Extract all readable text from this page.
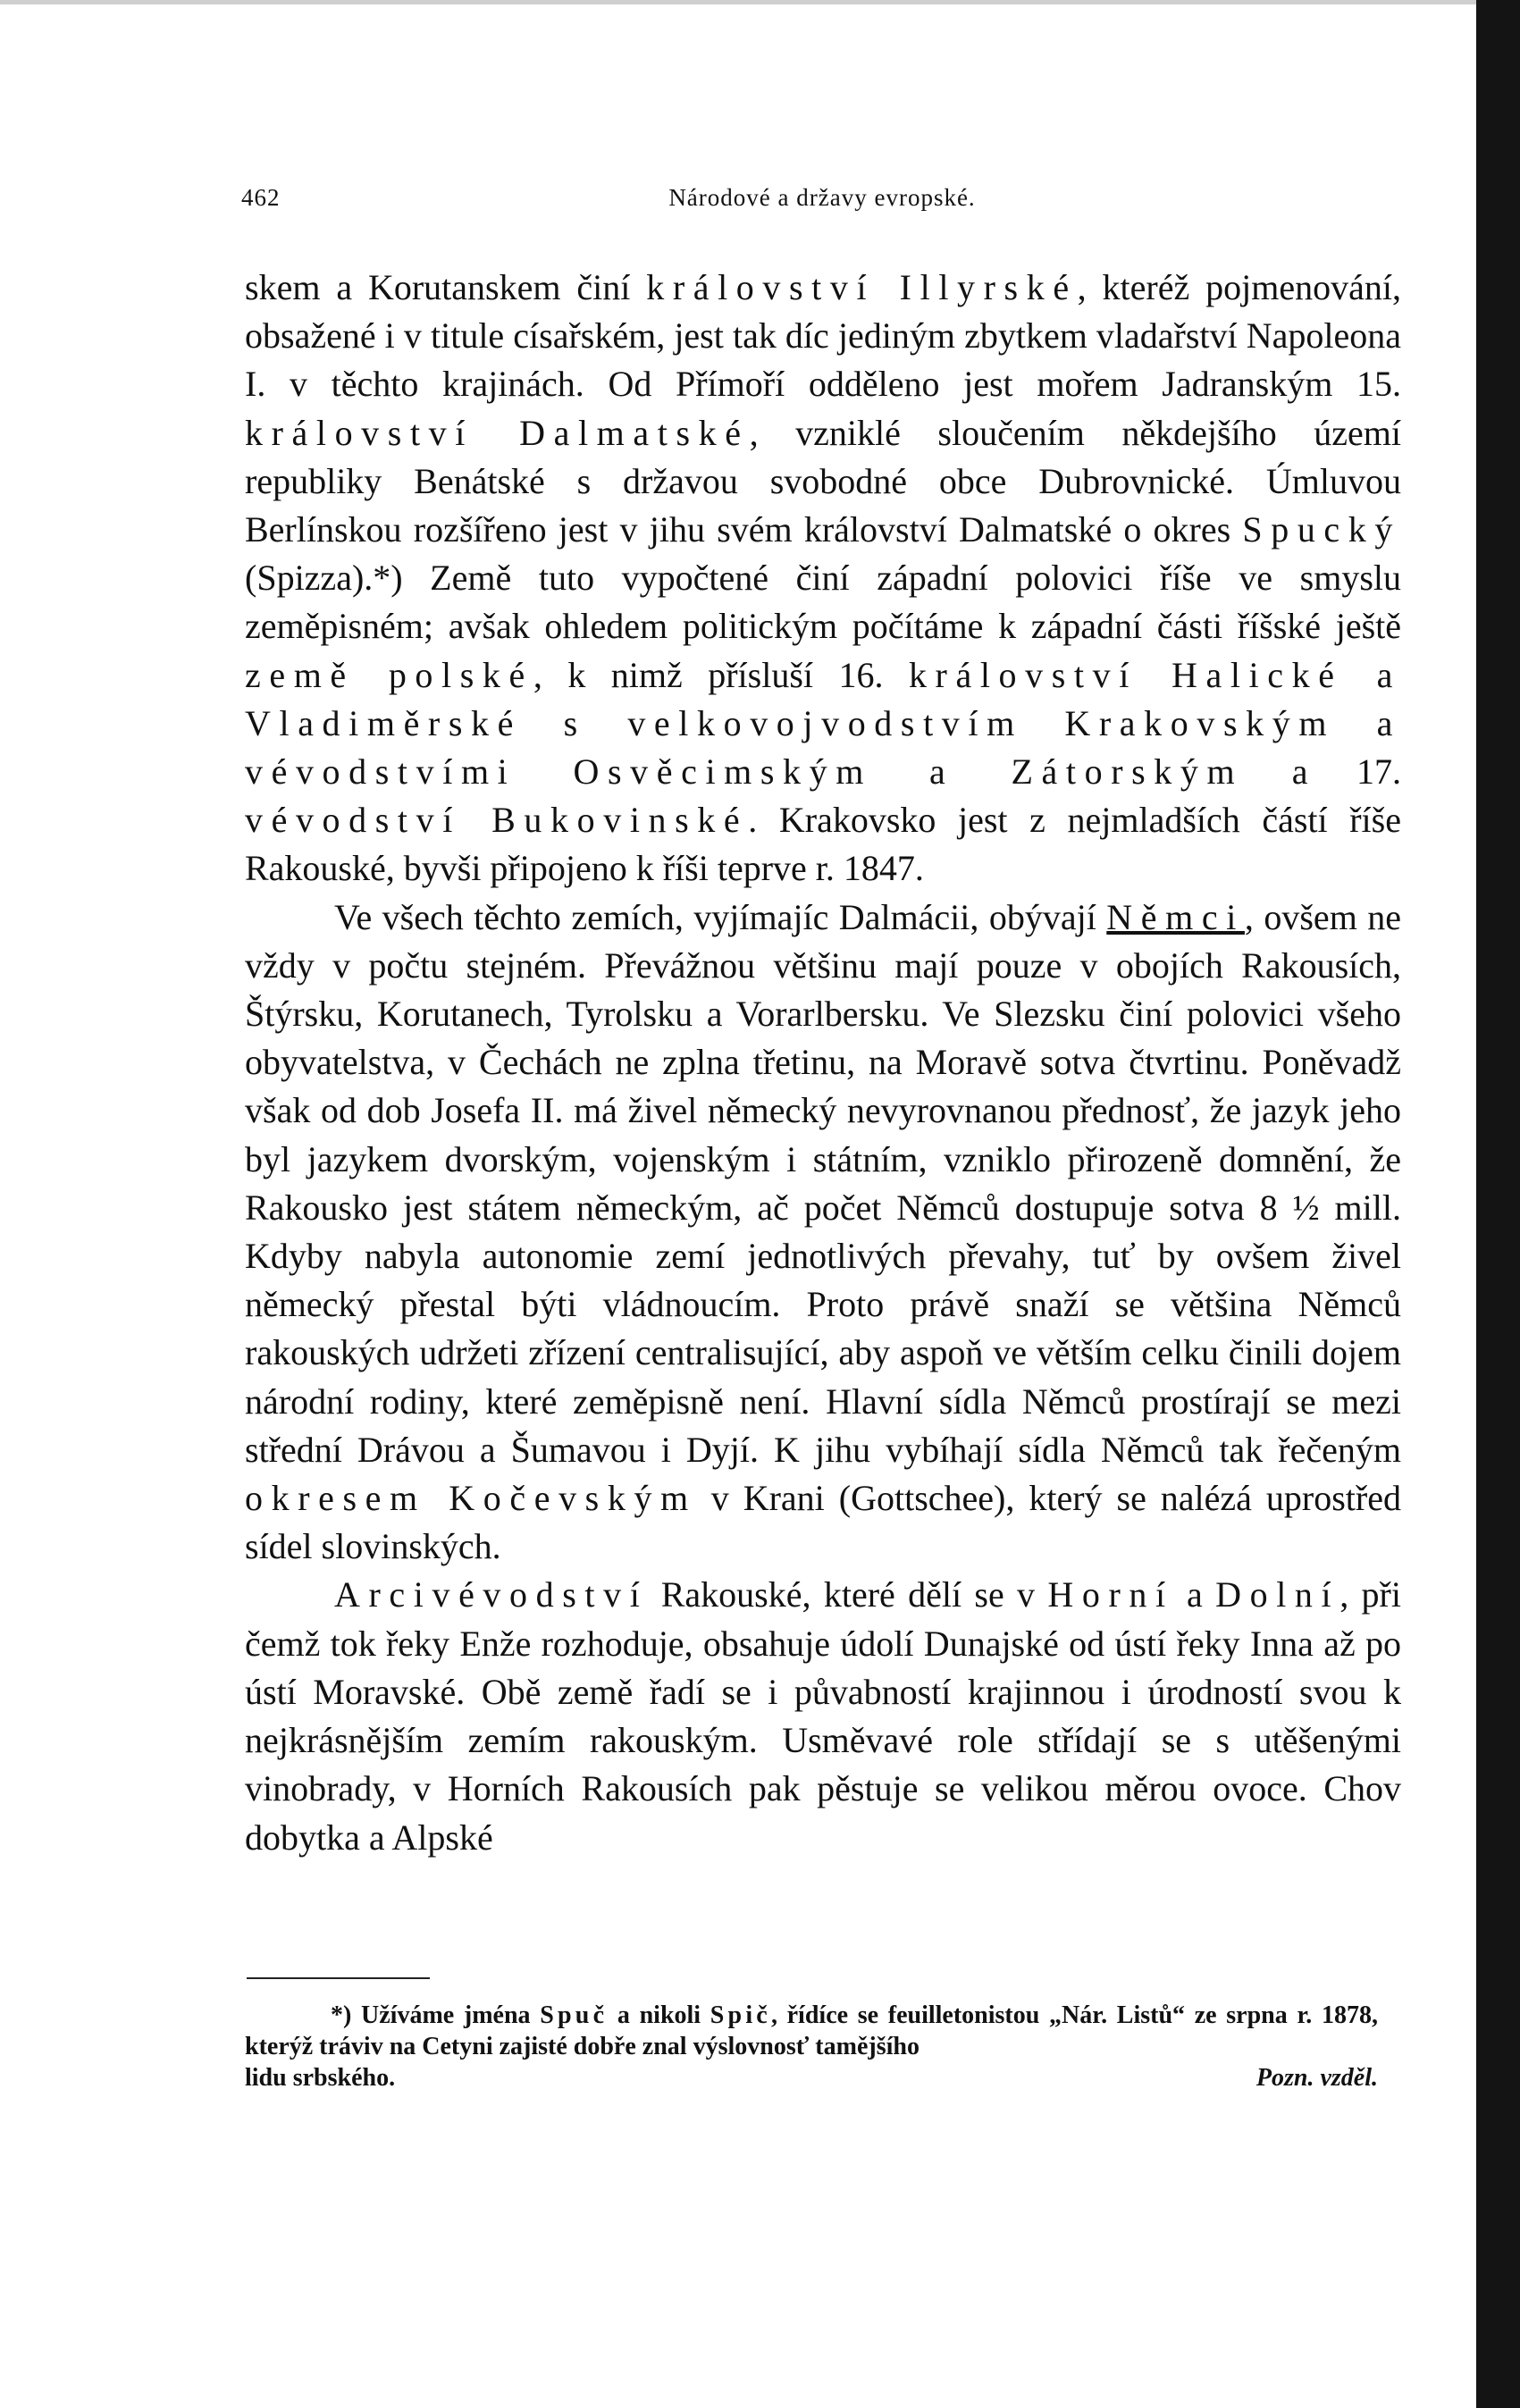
462	Národové a državy evropské.

skem a Korutanskem činí království Illyrské, kteréž pojmenování, obsažené i v titule císařském, jest tak díc jediným zbytkem vladařství Napoleona I. v těchto krajinách. Od Přímoří odděleno jest mořem Jadranským 15. království Dalmatské, vzniklé sloučením někdejšího území republiky Benátské s državou svobodné obce Dubrovnické. Úmluvou Berlínskou rozšířeno jest v jihu svém království Dalmatské o okres Spucký (Spizza).*) Země tuto vypočtené činí západní polovici říše ve smyslu zeměpisném; avšak ohledem politickým počítáme k západní části říšské ještě země polské, k nimž přísluší 16. království Halické a Vladiměrské s velkovojvodstvím Krakovským a vévodstvími Osvěcimským a Zátorským a 17. vévodství Bukovinské. Krakovsko jest z nejmladších částí říše Rakouské, byvši připojeno k říši teprve r. 1847.

Ve všech těchto zemích, vyjímajíc Dalmácii, obývají Němci, ovšem ne vždy v počtu stejném. Převážnou většinu mají pouze v obojích Rakousích, Štýrsku, Korutanech, Tyrolsku a Vorarlbersku. Ve Slezsku činí polovici všeho obyvatelstva, v Čechách ne zplna třetinu, na Moravě sotva čtvrtinu. Poněvadž však od dob Josefa II. má živel německý nevyrovnanou přednosť, že jazyk jeho byl jazykem dvorským, vojenským i státním, vzniklo přirozeně domnění, že Rakousko jest státem německým, ač počet Němců dostupuje sotva 8 ½ mill. Kdyby nabyla autonomie zemí jednotlivých převahy, tuť by ovšem živel německý přestal býti vládnoucím. Proto právě snaží se většina Němců rakouských udržeti zřízení centralisující, aby aspoň ve větším celku činili dojem národní rodiny, které zeměpisně není. Hlavní sídla Němců prostírají se mezi střední Drávou a Šumavou i Dyjí. K jihu vybíhají sídla Němců tak řečeným okresem Kočevským v Krani (Gottschee), který se nalézá uprostřed sídel slovinských.

Arcivévodství Rakouské, které dělí se v Horní a Dolní, při čemž tok řeky Enže rozhoduje, obsahuje údolí Dunajské od ústí řeky Inna až po ústí Moravské. Obě země řadí se i půvabností krajinnou i úrodností svou k nejkrásnějším zemím rakouským. Usměvavé role střídají se s utěšenými vinobrady, v Horních Rakousích pak pěstuje se velikou měrou ovoce. Chov dobytka a Alpské

*) Užíváme jména Spuč a nikoli Spič, řídíce se feuilletonistou „Nár. Listů“ ze srpna r. 1878, kterýž tráviv na Cetyni zajisté dobře znal výslovnosť tamějšího

lidu srbského.	Pozn. vzděl.
